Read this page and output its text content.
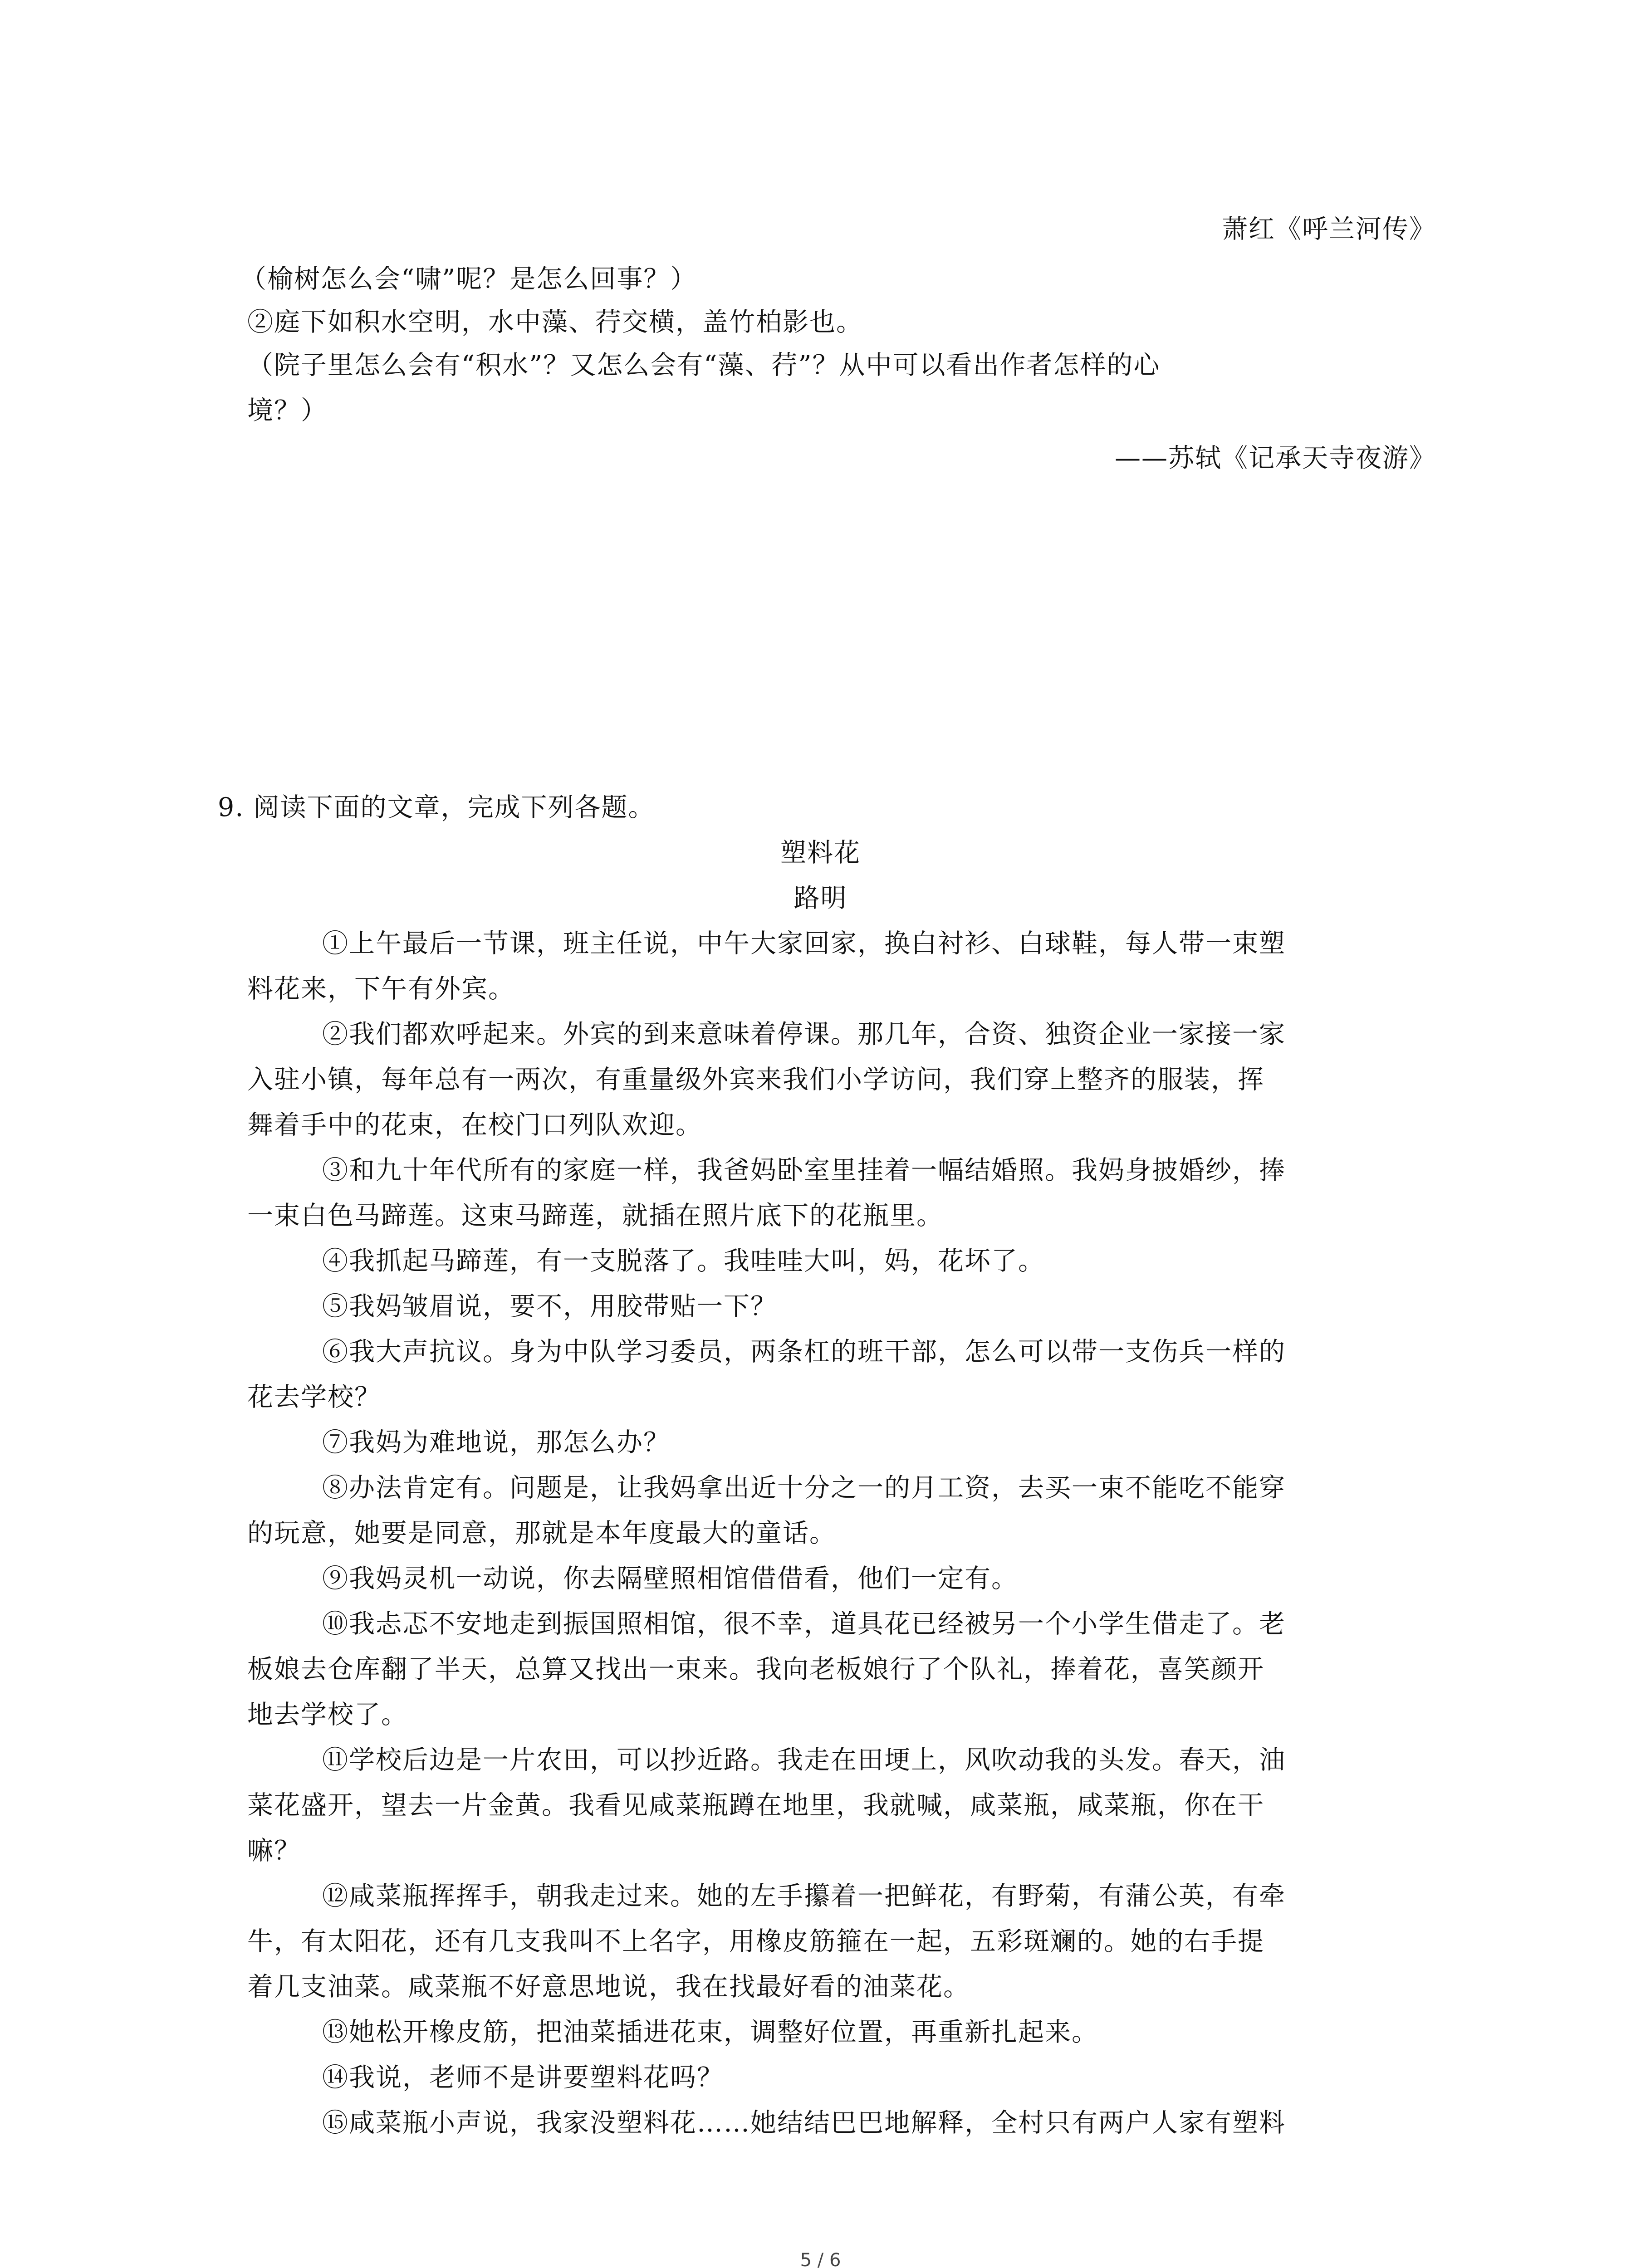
萧红《呼兰河传》
（榆树怎么会“啸”呢？是怎么回事？）
②庭下如积水空明，水中藻、荇交横，盖竹柏影也。
（院子里怎么会有“积水”？又怎么会有“藻、荇”？从中可以看出作者怎样的心
境？）
——苏轼《记承天寺夜游》
9. 阅读下面的文章，完成下列各题。
塑料花
路明
①上午最后一节课，班主任说，中午大家回家，换白衬衫、白球鞋，每人带一束塑
料花来，下午有外宾。
②我们都欢呼起来。外宾的到来意味着停课。那几年，合资、独资企业一家接一家
入驻小镇，每年总有一两次，有重量级外宾来我们小学访问，我们穿上整齐的服装，挥
舞着手中的花束，在校门口列队欢迎。
③和九十年代所有的家庭一样，我爸妈卧室里挂着一幅结婚照。我妈身披婚纱，捧
一束白色马蹄莲。这束马蹄莲，就插在照片底下的花瓶里。
④我抓起马蹄莲，有一支脱落了。我哇哇大叫，妈，花坏了。
⑤我妈皱眉说，要不，用胶带贴一下？
⑥我大声抗议。身为中队学习委员，两条杠的班干部，怎么可以带一支伤兵一样的
花去学校？
⑦我妈为难地说，那怎么办？
⑧办法肯定有。问题是，让我妈拿出近十分之一的月工资，去买一束不能吃不能穿
的玩意，她要是同意，那就是本年度最大的童话。
⑨我妈灵机一动说，你去隔壁照相馆借借看，他们一定有。
⑩我忐忑不安地走到振国照相馆，很不幸，道具花已经被另一个小学生借走了。老
板娘去仓库翻了半天，总算又找出一束来。我向老板娘行了个队礼，捧着花，喜笑颜开
地去学校了。
⑪学校后边是一片农田，可以抄近路。我走在田埂上，风吹动我的头发。春天，油
菜花盛开，望去一片金黄。我看见咸菜瓶蹲在地里，我就喊，咸菜瓶，咸菜瓶，你在干
嘛？
⑫咸菜瓶挥挥手，朝我走过来。她的左手攥着一把鲜花，有野菊，有蒲公英，有牵
牛，有太阳花，还有几支我叫不上名字，用橡皮筋箍在一起，五彩斑斓的。她的右手提
着几支油菜。咸菜瓶不好意思地说，我在找最好看的油菜花。
⑬她松开橡皮筋，把油菜插进花束，调整好位置，再重新扎起来。
⑭我说，老师不是讲要塑料花吗？
⑮咸菜瓶小声说，我家没塑料花……她结结巴巴地解释，全村只有两户人家有塑料
5 / 6
